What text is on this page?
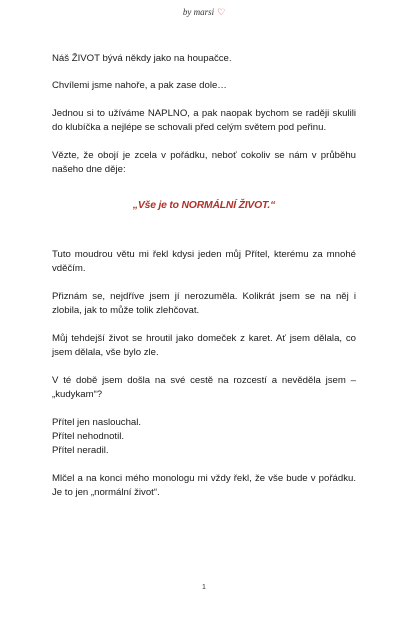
by marsi ♡

Náš ŽIVOT bývá někdy jako na houpačce.

Chvílemi jsme nahoře, a pak zase dole…

Jednou si to užíváme NAPLNO, a pak naopak bychom se raději skulili do klubíčka a nejlépe se schovali před celým světem pod peřinu.

Vězte, že obojí je zcela v pořádku, neboť cokoliv se nám v průběhu našeho dne děje:

„Vše je to NORMÁLNÍ ŽIVOT.“

Tuto moudrou větu mi řekl kdysi jeden můj Přítel, kterému za mnohé vděčím.

Přiznám se, nejdříve jsem jí nerozuměla. Kolikrát jsem se na něj i zlobila, jak to může tolik zlehčovat.

Můj tehdejší život se hroutil jako domeček z karet. Ať jsem dělala, co jsem dělala, vše bylo zle.

V té době jsem došla na své cestě na rozcestí a nevěděla jsem – „kudykam“?

Přítel jen naslouchal.

Přítel nehodnotil.

Přítel neradil.

Mlčel a na konci mého monologu mi vždy řekl, že vše bude v pořádku. Je to jen „normální život“.

1
